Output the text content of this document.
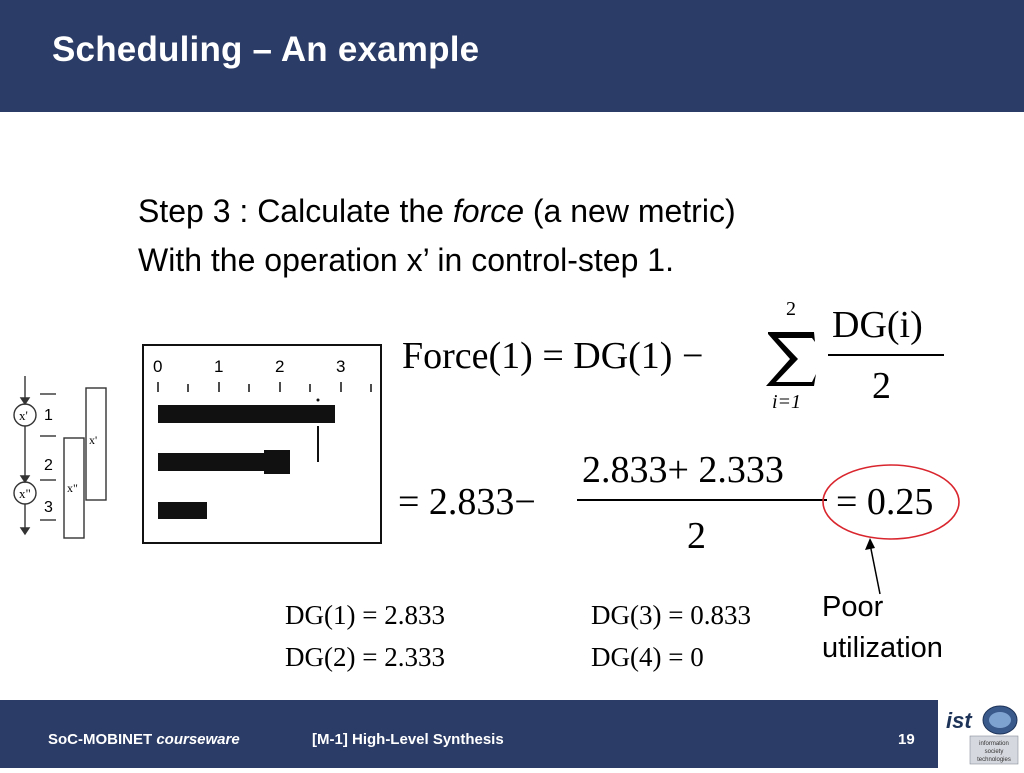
Scheduling – An example
Step 3 : Calculate the force (a new metric)
With the operation x’ in control-step 1.
x'
x"
1
2
3
x'
x"
0	1	2	3 Force(1) = DG(1) −
2
i=1
DG(i)
2
= 2.833−
2.833+ 2.333
2
= 0.25
DG(1) = 2.833
DG(2) = 2.333
DG(3) = 0.833
DG(4) = 0
Poor
utilization
SoC-MOBINET courseware	[M-1] High-Level Synthesis	19
ist
information
society
technologies
